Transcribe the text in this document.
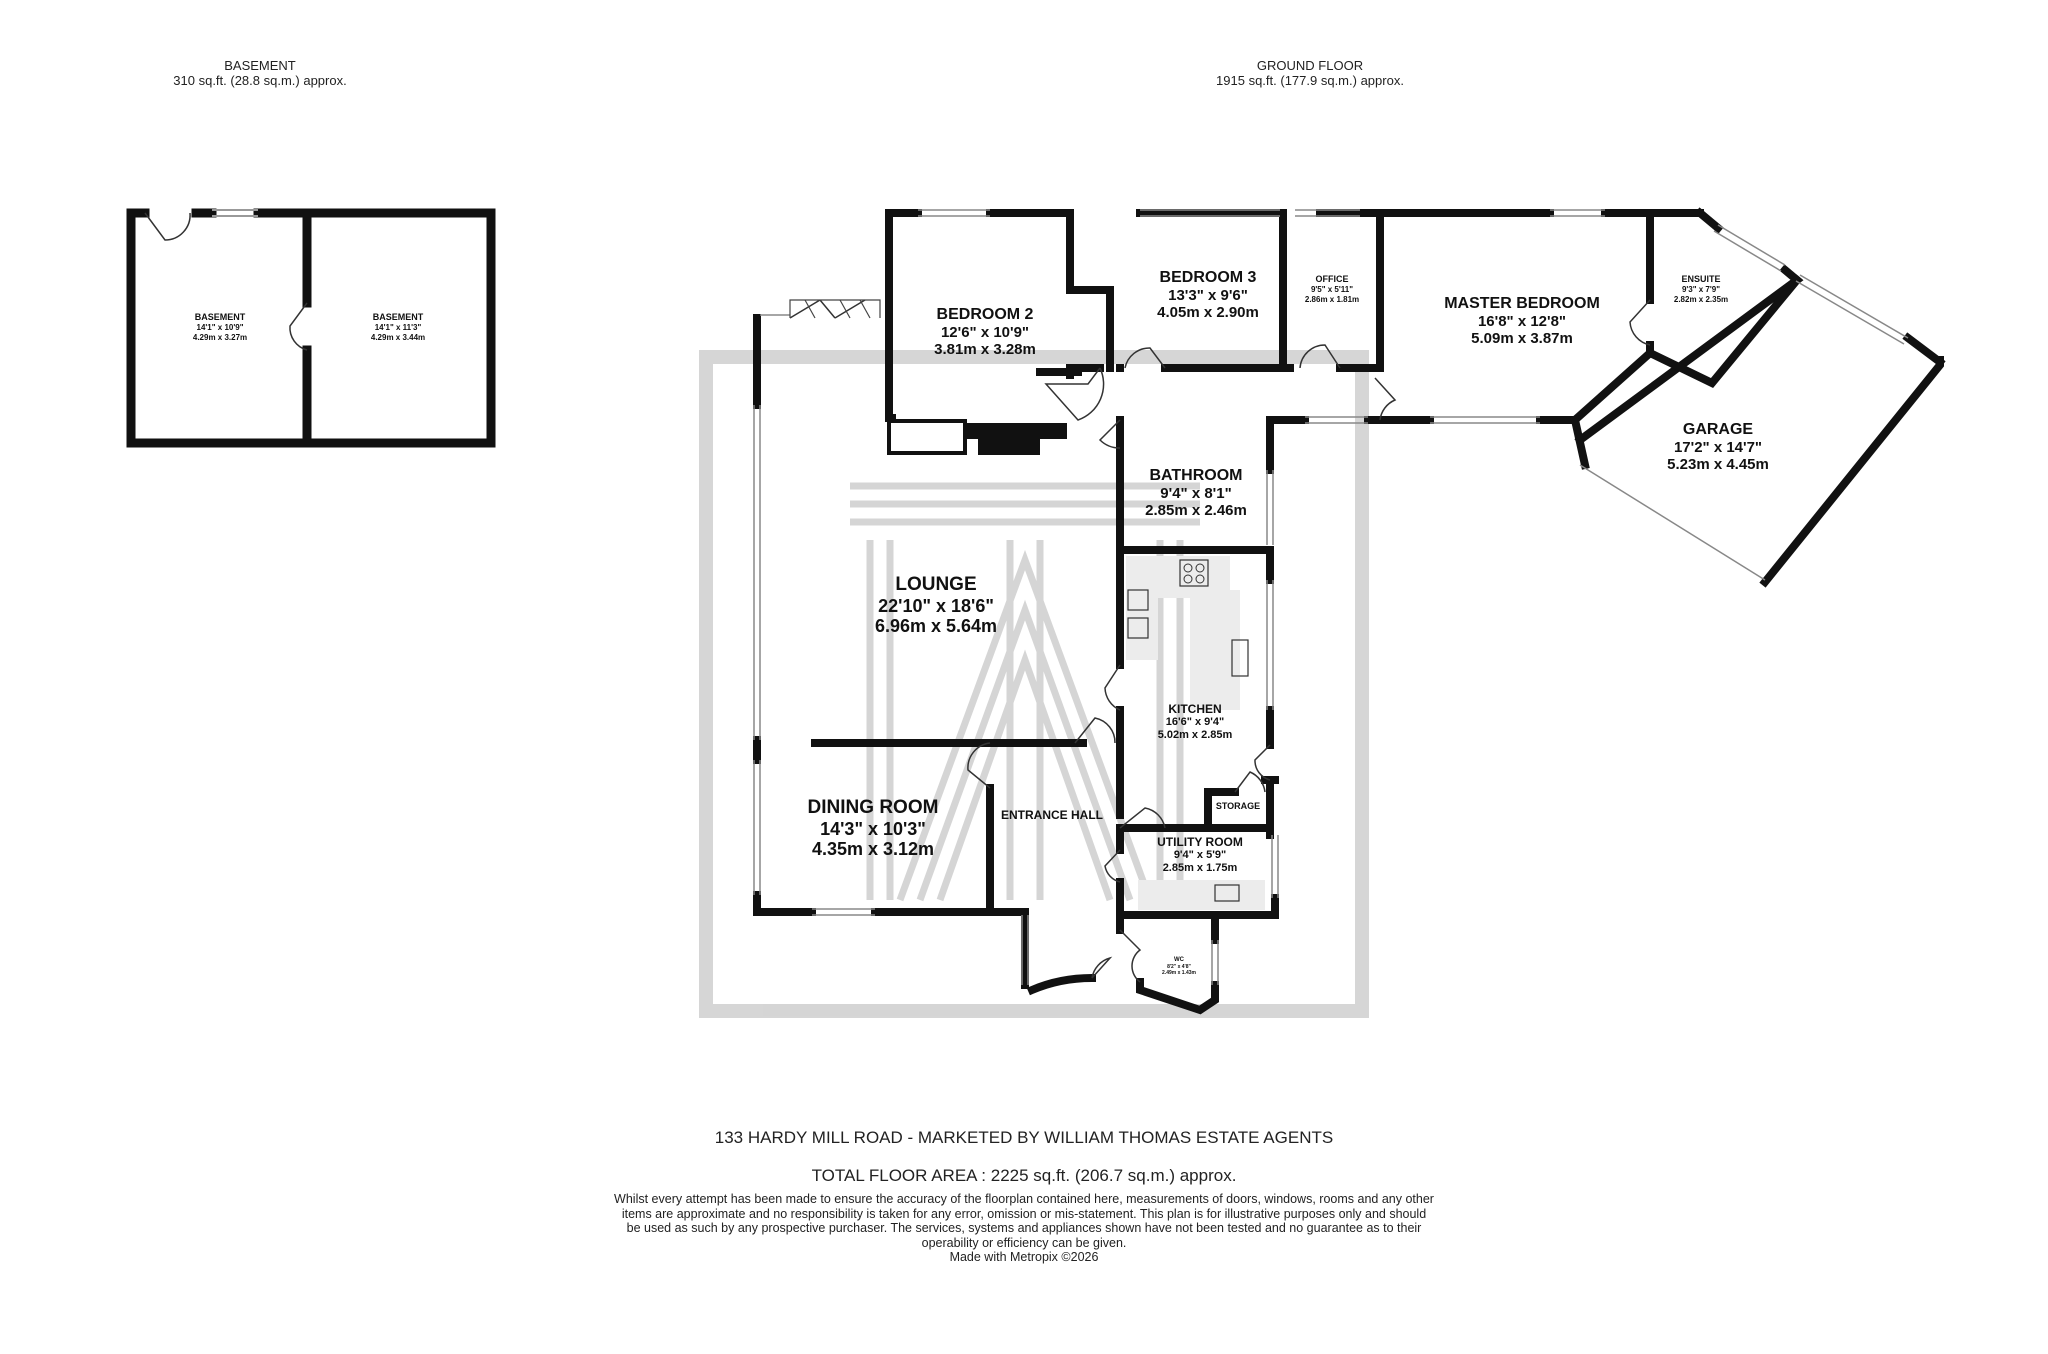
BASEMENT
310 sq.ft. (28.8 sq.m.) approx.
GROUND FLOOR
1915 sq.ft. (177.9 sq.m.) approx.
BASEMENT
14'1" x 10'9"
4.29m x 3.27m
BASEMENT
14'1" x 11'3"
4.29m x 3.44m
BEDROOM 2
12'6" x 10'9"
3.81m x 3.28m
BEDROOM 3
13'3" x 9'6"
4.05m x 2.90m
OFFICE
9'5" x 5'11"
2.86m x 1.81m	MASTER BEDROOM
16'8" x 12'8"
5.09m x 3.87m
ENSUITE
9'3" x 7'9"
2.82m x 2.35m
GARAGE
17'2" x 14'7"
5.23m x 4.45m
BATHROOM
9'4" x 8'1"
2.85m x 2.46m
LOUNGE
22'10" x 18'6"
6.96m x 5.64m
KITCHEN
16'6" x 9'4"
5.02m x 2.85m
STORAGE
DINING ROOM
14'3" x 10'3"
4.35m x 3.12m
ENTRANCE HALL
UTILITY ROOM
9'4" x 5'9"
2.85m x 1.75m
WC
8'2" x 4'8"
2.49m x 1.43m
133 HARDY MILL ROAD - MARKETED BY WILLIAM THOMAS ESTATE AGENTS
TOTAL FLOOR AREA : 2225 sq.ft. (206.7 sq.m.) approx.
Whilst every attempt has been made to ensure the accuracy of the floorplan contained here, measurements of doors, windows, rooms and any other items are approximate and no responsibility is taken for any error, omission or mis-statement. This plan is for illustrative purposes only and should be used as such by any prospective purchaser. The services, systems and appliances shown have not been tested and no guarantee as to their operability or efficiency can be given.
Made with Metropix ©2026
